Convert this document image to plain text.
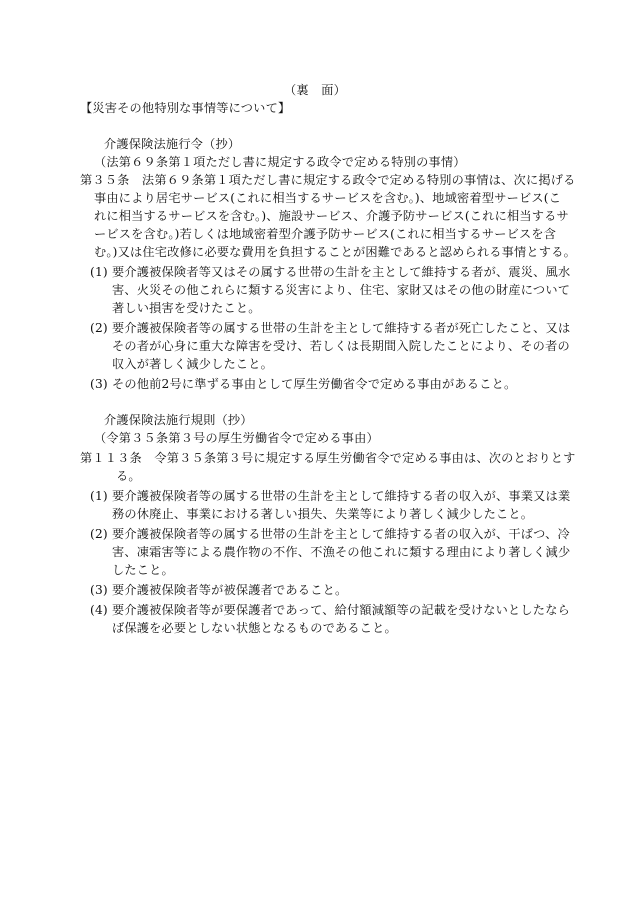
（裏　面）
【災害その他特別な事情等について】
介護保険法施行令（抄）
（法第６９条第１項ただし書に規定する政令で定める特別の事情）
第３５条　法第６９条第１項ただし書に規定する政令で定める特別の事情は、次に掲げる
事由により居宅サービス(これに相当するサービスを含む。)、地域密着型サービス(こ
れに相当するサービスを含む。)、施設サービス、介護予防サービス(これに相当するサ
ービスを含む。)若しくは地域密着型介護予防サービス(これに相当するサービスを含
む。)又は住宅改修に必要な費用を負担することが困難であると認められる事情とする。
(1) 要介護被保険者等又はその属する世帯の生計を主として維持する者が、震災、風水
害、火災その他これらに類する災害により、住宅、家財又はその他の財産について
著しい損害を受けたこと。
(2) 要介護被保険者等の属する世帯の生計を主として維持する者が死亡したこと、又は
その者が心身に重大な障害を受け、若しくは長期間入院したことにより、その者の
収入が著しく減少したこと。
(3) その他前2号に準ずる事由として厚生労働省令で定める事由があること。
介護保険法施行規則（抄）
（令第３５条第３号の厚生労働省令で定める事由）
第１１３条　令第３５条第３号に規定する厚生労働省令で定める事由は、次のとおりとす
る。
(1) 要介護被保険者等の属する世帯の生計を主として維持する者の収入が、事業又は業
務の休廃止、事業における著しい損失、失業等により著しく減少したこと。
(2) 要介護被保険者等の属する世帯の生計を主として維持する者の収入が、干ばつ、冷
害、凍霜害等による農作物の不作、不漁その他これに類する理由により著しく減少
したこと。
(3) 要介護被保険者等が被保護者であること。
(4) 要介護被保険者等が要保護者であって、給付額減額等の記載を受けないとしたなら
ば保護を必要としない状態となるものであること。
